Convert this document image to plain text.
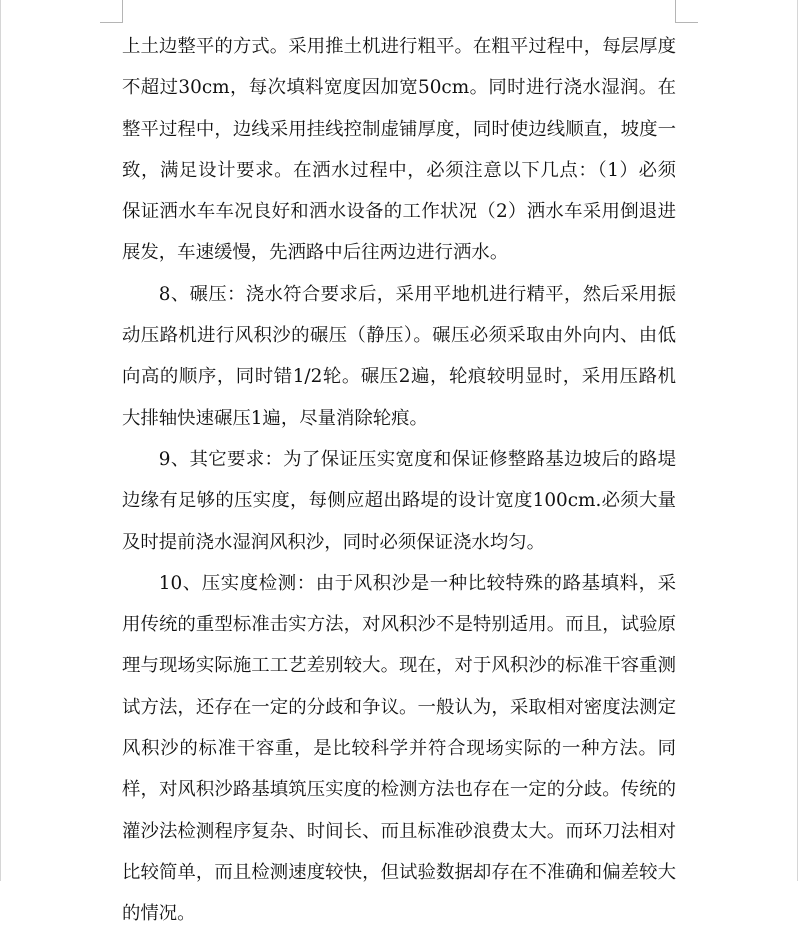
上土边整平的方式。采用推土机进行粗平。在粗平过程中，每层厚度不超过30cm，每次填料宽度因加宽50cm。同时进行浇水湿润。在整平过程中，边线采用挂线控制虚铺厚度，同时使边线顺直，坡度一致，满足设计要求。在洒水过程中，必须注意以下几点：（1）必须保证洒水车车况良好和洒水设备的工作状况（2）洒水车采用倒退进展发，车速缓慢，先洒路中后往两边进行洒水。

8、碾压：浇水符合要求后，采用平地机进行精平，然后采用振动压路机进行风积沙的碾压（静压）。碾压必须采取由外向内、由低向高的顺序，同时错1/2轮。碾压2遍，轮痕较明显时，采用压路机大排轴快速碾压1遍，尽量消除轮痕。

9、其它要求：为了保证压实宽度和保证修整路基边坡后的路堤边缘有足够的压实度，每侧应超出路堤的设计宽度100cm.必须大量及时提前浇水湿润风积沙，同时必须保证浇水均匀。

10、压实度检测：由于风积沙是一种比较特殊的路基填料，采用传统的重型标准击实方法，对风积沙不是特别适用。而且，试验原理与现场实际施工工艺差别较大。现在，对于风积沙的标准干容重测试方法，还存在一定的分歧和争议。一般认为，采取相对密度法测定风积沙的标准干容重，是比较科学并符合现场实际的一种方法。同样，对风积沙路基填筑压实度的检测方法也存在一定的分歧。传统的灌沙法检测程序复杂、时间长、而且标准砂浪费太大。而环刀法相对比较简单，而且检测速度较快，但试验数据却存在不准确和偏差较大的情况。
